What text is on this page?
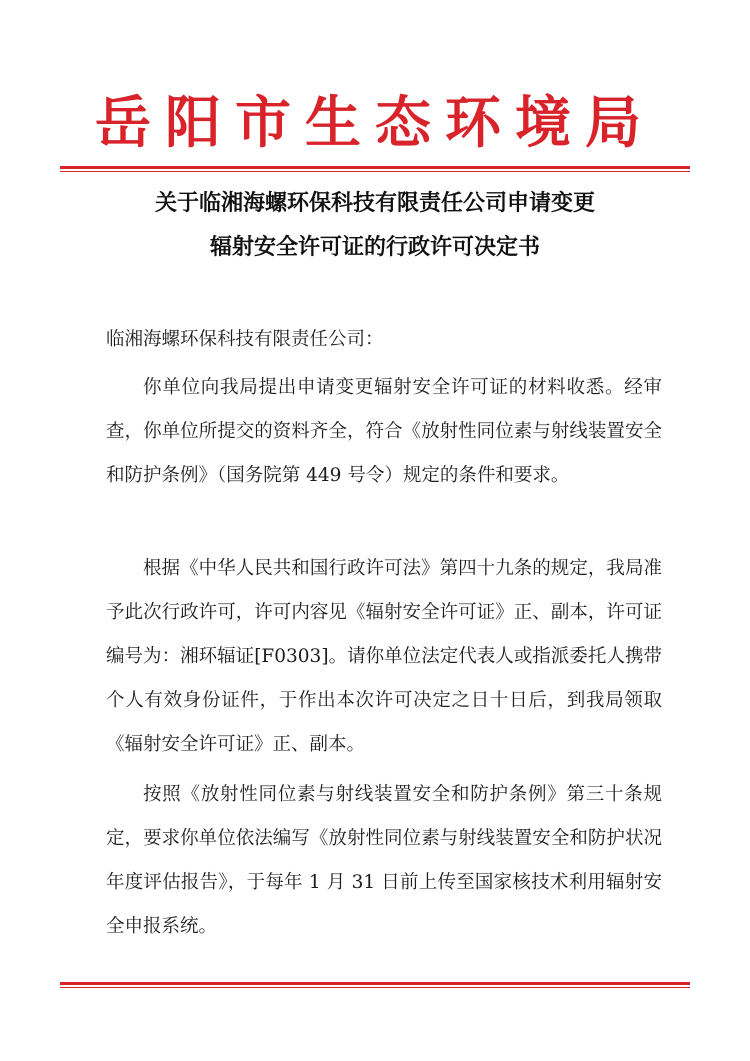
岳阳市生态环境局
关于临湘海螺环保科技有限责任公司申请变更
辐射安全许可证的行政许可决定书
临湘海螺环保科技有限责任公司：
你单位向我局提出申请变更辐射安全许可证的材料收悉。经审查，你单位所提交的资料齐全，符合《放射性同位素与射线装置安全和防护条例》（国务院第 449 号令）规定的条件和要求。
根据《中华人民共和国行政许可法》第四十九条的规定，我局准予此次行政许可，许可内容见《辐射安全许可证》正、副本，许可证编号为：湘环辐证[F0303]。请你单位法定代表人或指派委托人携带个人有效身份证件，于作出本次许可决定之日十日后，到我局领取《辐射安全许可证》正、副本。
按照《放射性同位素与射线装置安全和防护条例》第三十条规定，要求你单位依法编写《放射性同位素与射线装置安全和防护状况年度评估报告》，于每年 1 月 31 日前上传至国家核技术利用辐射安全申报系统。
